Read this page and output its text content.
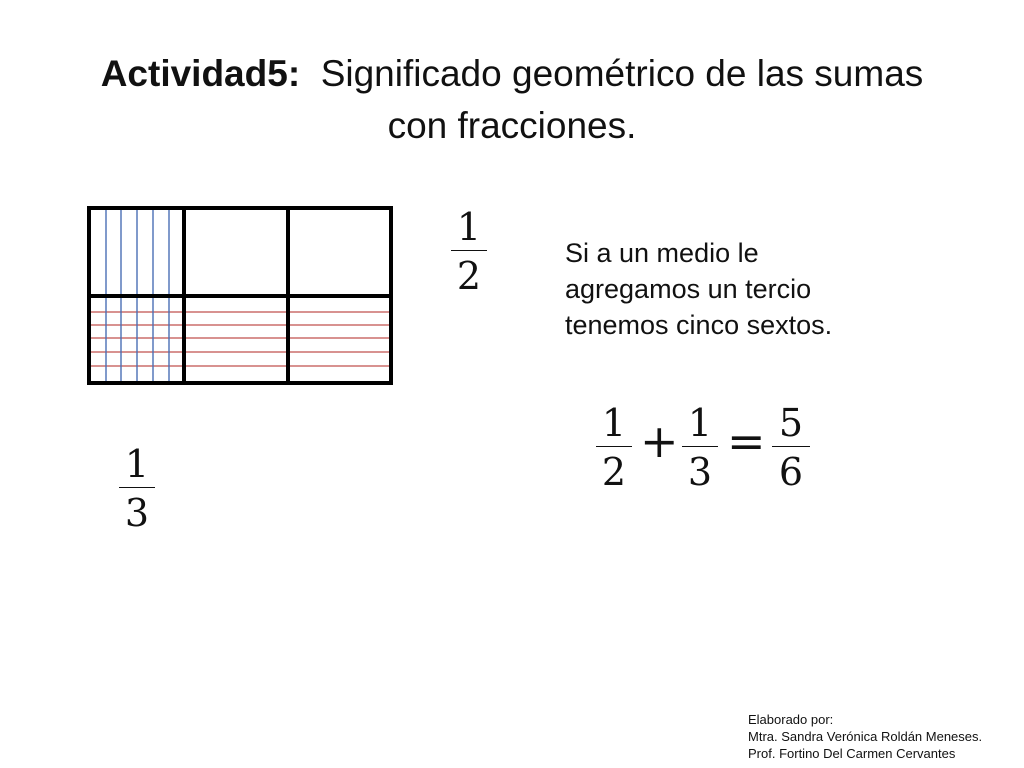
Actividad5:  Significado geométrico de las sumas
con fracciones.
1
2
1
3
Si a un medio le
agregamos un tercio
tenemos cinco sextos.
1
2
+ 1
3
= 5
6
Elaborado por:
Mtra. Sandra Verónica Roldán Meneses.
Prof. Fortino Del Carmen Cervantes
